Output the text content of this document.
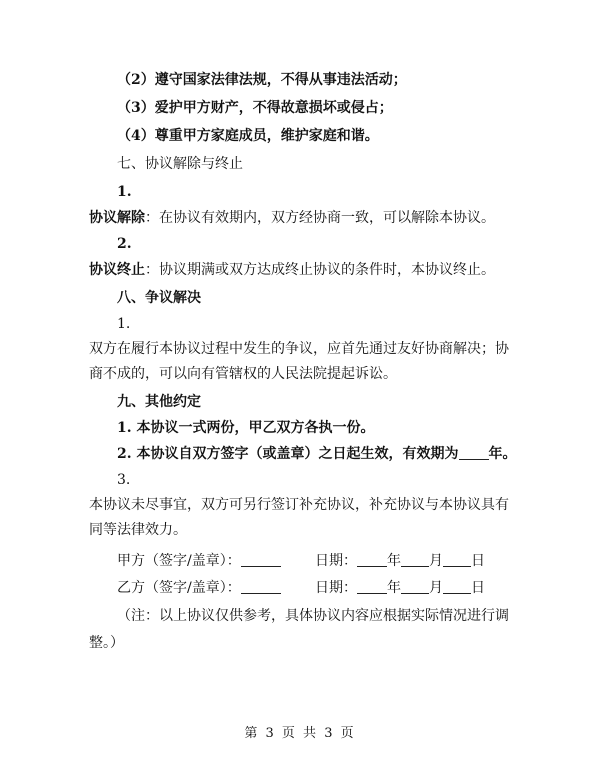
（2）遵守国家法律法规，不得从事违法活动；
（3）爱护甲方财产，不得故意损坏或侵占；
（4）尊重甲方家庭成员，维护家庭和谐。
七、协议解除与终止
1.
协议解除：在协议有效期内，双方经协商一致，可以解除本协议。
2.
协议终止：协议期满或双方达成终止协议的条件时，本协议终止。
八、争议解决
1.
双方在履行本协议过程中发生的争议，应首先通过友好协商解决；协
商不成的，可以向有管辖权的人民法院提起诉讼。
九、其他约定
1. 本协议一式两份，甲乙双方各执一份。
2. 本协议自双方签字（或盖章）之日起生效，有效期为 年。
3.
本协议未尽事宜，双方可另行签订补充协议，补充协议与本协议具有
同等法律效力。
甲方（签字/盖章）：	日期： 年 月 日
乙方（签字/盖章）：	日期： 年 月 日
（注：以上协议仅供参考，具体协议内容应根据实际情况进行调
整。）
第 3 页 共 3 页
